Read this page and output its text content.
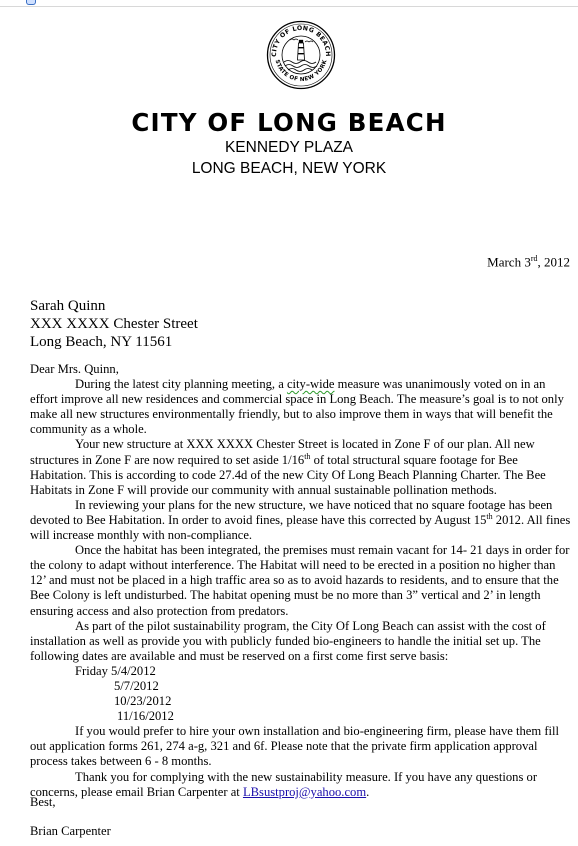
CITY OF LONG BEACH
STATE OF NEW YORK
CITY OF LONG BEACH
KENNEDY PLAZA
LONG BEACH, NEW YORK
March 3rd, 2012
Sarah Quinn
XXX XXXX Chester Street
Long Beach, NY 11561

Dear Mrs. Quinn,

During the latest city planning meeting, a city-wide measure was unanimously voted on in an
effort improve all new residences and commercial space in Long Beach. The measure’s goal is to not only
make all new structures environmentally friendly, but to also improve them in ways that will benefit the
community as a whole.

Your new structure at XXX XXXX Chester Street is located in Zone F of our plan. All new
structures in Zone F are now required to set aside 1/16th of total structural square footage for Bee
Habitation. This is according to code 27.4d of the new City Of Long Beach Planning Charter. The Bee
Habitats in Zone F will provide our community with annual sustainable pollination methods.

In reviewing your plans for the new structure, we have noticed that no square footage has been
devoted to Bee Habitation. In order to avoid fines, please have this corrected by August 15th 2012. All fines
will increase monthly with non-compliance.

Once the habitat has been integrated, the premises must remain vacant for 14- 21 days in order for
the colony to adapt without interference. The Habitat will need to be erected in a position no higher than
12’ and must not be placed in a high traffic area so as to avoid hazards to residents, and to ensure that the
Bee Colony is left undisturbed. The habitat opening must be no more than 3” vertical and 2’ in length
ensuring access and also protection from predators.

As part of the pilot sustainability program, the City Of Long Beach can assist with the cost of
installation as well as provide you with publicly funded bio-engineers to handle the initial set up. The
following dates are available and must be reserved on a first come first serve basis:

Friday 5/4/2012

5/7/2012

10/23/2012

11/16/2012

If you would prefer to hire your own installation and bio-engineering firm, please have them fill
out application forms 261, 274 a-g, 321 and 6f. Please note that the private firm application approval
process takes between 6 - 8 months.

Thank you for complying with the new sustainability measure. If you have any questions or
concerns, please email Brian Carpenter at LBsustproj@yahoo.com.

Best,
Brian Carpenter
